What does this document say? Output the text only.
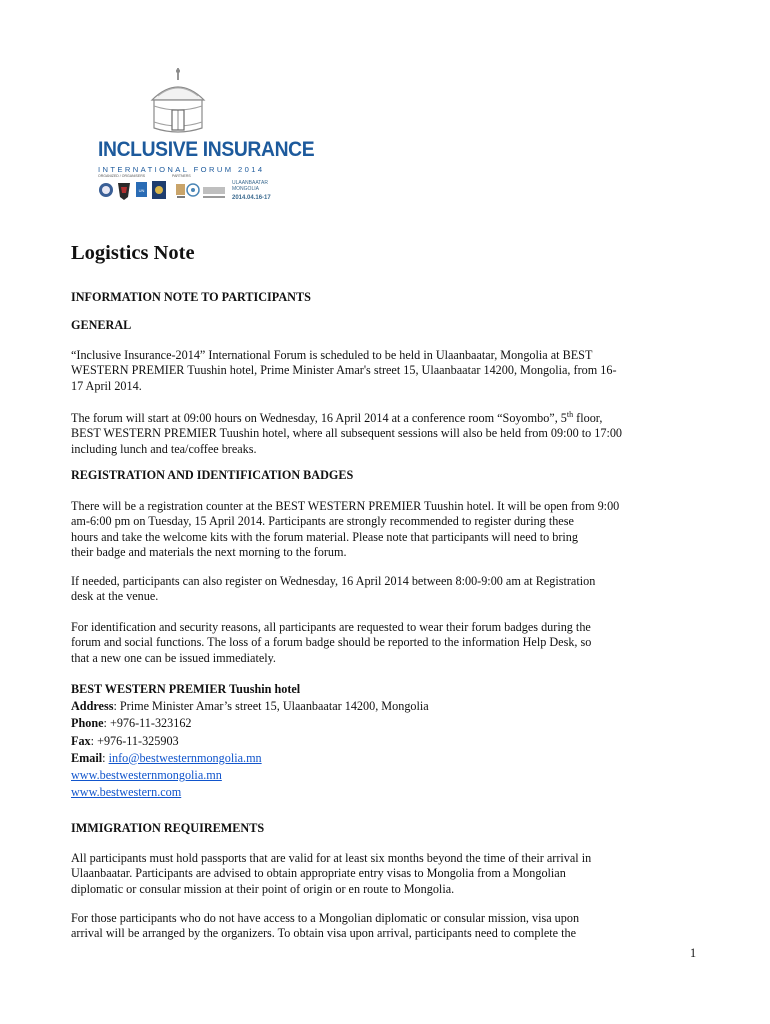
INCLUSIVE INSURANCE
INTERNATIONAL FORUM 2014
ORGANIZED / ORGANISERS	PARTNERS
UN
ULAANBAATAR
MONGOLIA
2014.04.16-17
Logistics Note
INFORMATION NOTE TO PARTICIPANTS
GENERAL
“Inclusive Insurance-2014” International Forum is scheduled to be held in Ulaanbaatar, Mongolia at BEST
WESTERN PREMIER Tuushin hotel, Prime Minister Amar's street 15, Ulaanbaatar 14200, Mongolia, from 16-
17 April 2014.
The forum will start at 09:00 hours on Wednesday, 16 April 2014 at a conference room “Soyombo”, 5th floor,
BEST WESTERN PREMIER Tuushin hotel, where all subsequent sessions will also be held from 09:00 to 17:00
including lunch and tea/coffee breaks.
REGISTRATION AND IDENTIFICATION BADGES
There will be a registration counter at the BEST WESTERN PREMIER Tuushin hotel. It will be open from 9:00
am-6:00 pm on Tuesday, 15 April 2014. Participants are strongly recommended to register during these
hours and take the welcome kits with the forum material. Please note that participants will need to bring
their badge and materials the next morning to the forum.
If needed, participants can also register on Wednesday, 16 April 2014 between 8:00-9:00 am at Registration
desk at the venue.
For identification and security reasons, all participants are requested to wear their forum badges during the
forum and social functions. The loss of a forum badge should be reported to the information Help Desk, so
that a new one can be issued immediately.
BEST WESTERN PREMIER Tuushin hotel
Address: Prime Minister Amar’s street 15, Ulaanbaatar 14200, Mongolia
Phone: +976-11-323162
Fax: +976-11-325903
Email: info@bestwesternmongolia.mn
www.bestwesternmongolia.mn
www.bestwestern.com
IMMIGRATION REQUIREMENTS
All participants must hold passports that are valid for at least six months beyond the time of their arrival in
Ulaanbaatar. Participants are advised to obtain appropriate entry visas to Mongolia from a Mongolian
diplomatic or consular mission at their point of origin or en route to Mongolia.
For those participants who do not have access to a Mongolian diplomatic or consular mission, visa upon
arrival will be arranged by the organizers. To obtain visa upon arrival, participants need to complete the
1
